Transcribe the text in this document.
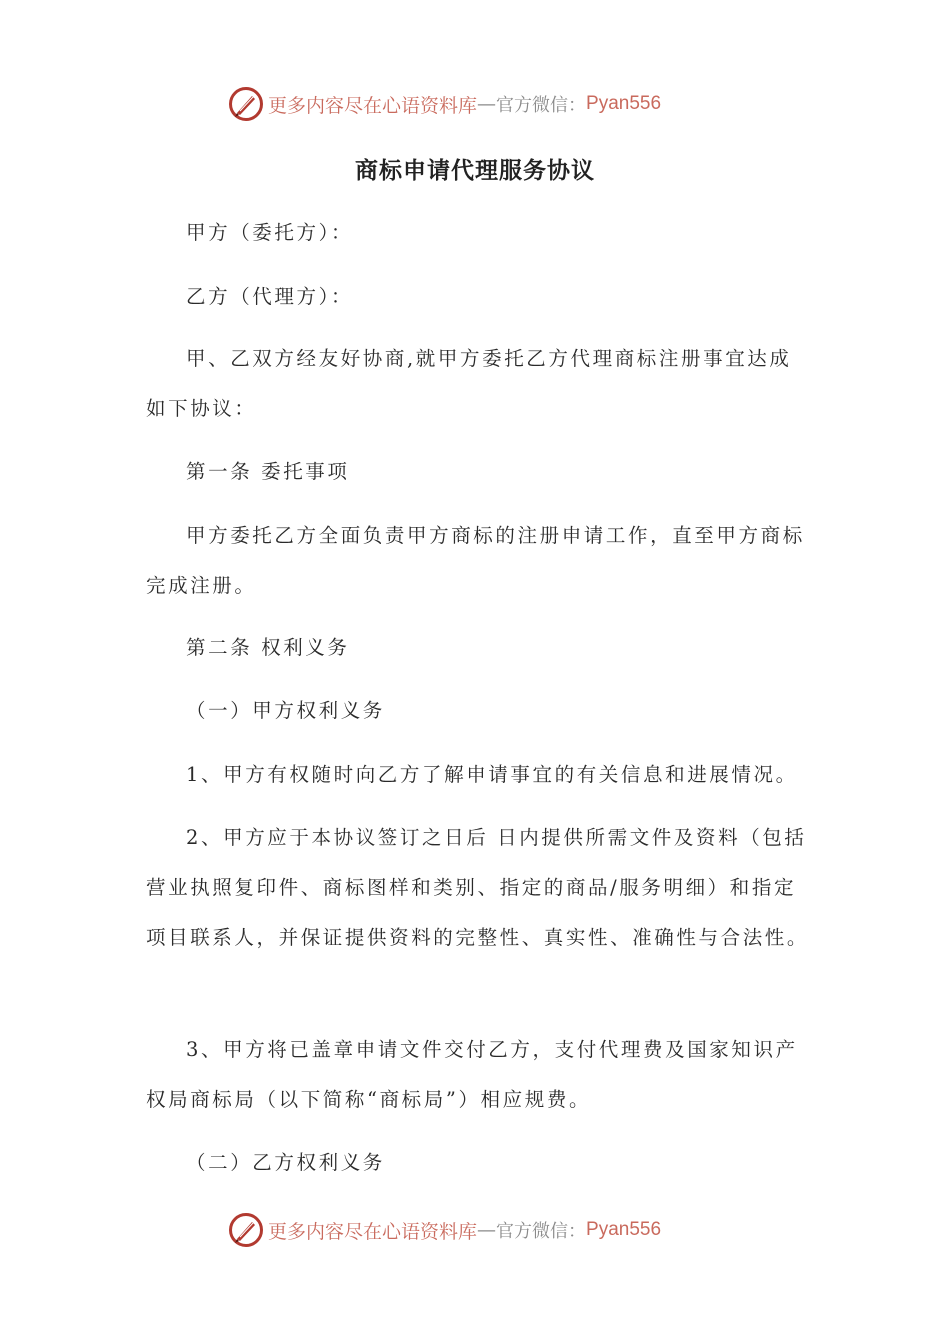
更多内容尽在心语资料库 — 官方微信： Pyan556
商标申请代理服务协议

甲方（委托方）：

乙方（代理方）：

甲、乙双方经友好协商,就甲方委托乙方代理商标注册事宜达成如下协议：

第一条 委托事项

甲方委托乙方全面负责甲方商标的注册申请工作，直至甲方商标完成注册。

第二条 权利义务

（一）甲方权利义务

1、甲方有权随时向乙方了解申请事宜的有关信息和进展情况。

2、甲方应于本协议签订之日后 日内提供所需文件及资料（包括营业执照复印件、商标图样和类别、指定的商品/服务明细）和指定项目联系人，并保证提供资料的完整性、真实性、准确性与合法性。

3、甲方将已盖章申请文件交付乙方，支付代理费及国家知识产权局商标局（以下简称“商标局”）相应规费。

（二）乙方权利义务

更多内容尽在心语资料库 — 官方微信： Pyan556
